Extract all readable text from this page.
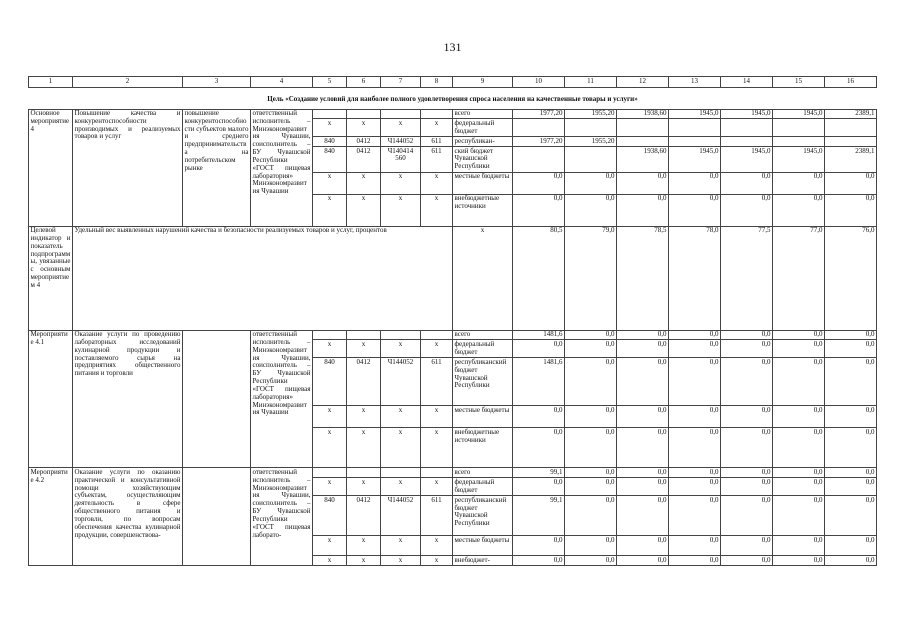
131
1	2	3	4	5	6	7	8	9	10	11	12	13	14	15	16
Цель «Создание условий для наиболее полного удовлетворения спроса населения на качественные товары и услуги»															
Основное мероприятие 4	Повышение качества и конкурентоспособности производимых и реализуемых товаров и услуг	повышение конкурентоспособности субъектов малого и среднего предпринимательства на потребительском рынке	ответственный исполнитель – Минэкономразвития Чувашии, соисполнитель – БУ Чувашской Республики «ГОСТ пищевая лаборатория» Минэкономразвития Чувашии					всего	1977,20	1955,20	1938,60	1945,0	1945,0	1945,0	2389,1
				x	x	x	x	федеральный бюджет							
				840	0412	Ч144052	611	республикан-	1977,20	1955,20					
				840	0412	Ч140414 560	611	ский бюджет Чувашской Республики			1938,60	1945,0	1945,0	1945,0	2389,1
				x	x	x	x	местные бюджеты	0,0	0,0	0,0	0,0	0,0	0,0	0,0
				x	x	x	x	внебюджетные источники	0,0	0,0	0,0	0,0	0,0	0,0	0,0
Целевой индикатор и показатель подпрограммы, увязанные с основным мероприятием 4	Удельный вес выявленных нарушений качества и безопасности реализуемых товаров и услуг, процентов							x	80,5	79,0	78,5	78,0	77,5	77,0	76,0
Мероприятие 4.1	Оказание услуги по проведению лабораторных исследований кулинарной продукции и поставляемого сырья на предприятиях общественного питания и торговли		ответственный исполнитель – Минэкономразвития Чувашии, соисполнитель – БУ Чувашской Республики «ГОСТ пищевая лаборатория» Минэкономразвития Чувашии					всего	1481,6	0,0	0,0	0,0	0,0	0,0	0,0
				x	x	x	x	федеральный бюджет	0,0	0,0	0,0	0,0	0,0	0,0	0,0
				840	0412	Ч144052	611	республиканский бюджет Чувашской Республики	1481,6	0,0	0,0	0,0	0,0	0,0	0,0
				x	x	x	x	местные бюджеты	0,0	0,0	0,0	0,0	0,0	0,0	0,0
				x	x	x	x	внебюджетные источники	0,0	0,0	0,0	0,0	0,0	0,0	0,0
Мероприятие 4.2	Оказание услуги по оказанию практической и консультативной помощи хозяйствующим субъектам, осуществляющим деятельность в сфере общественного питания и торговли, по вопросам обеспечения качества кулинарной продукции, совершенствова-		ответственный исполнитель – Минэкономразвития Чувашии, соисполнитель – БУ Чувашской Республики «ГОСТ пищевая лаборато-					всего	99,1	0,0	0,0	0,0	0,0	0,0	0,0
				x	x	x	x	федеральный бюджет	0,0	0,0	0,0	0,0	0,0	0,0	0,0
				840	0412	Ч144052	611	республиканский бюджет Чувашской Республики	99,1	0,0	0,0	0,0	0,0	0,0	0,0
				x	x	x	x	местные бюджеты	0,0	0,0	0,0	0,0	0,0	0,0	0,0
				x	x	x	x	внебюджет-	0,0	0,0	0,0	0,0	0,0	0,0	0,0
